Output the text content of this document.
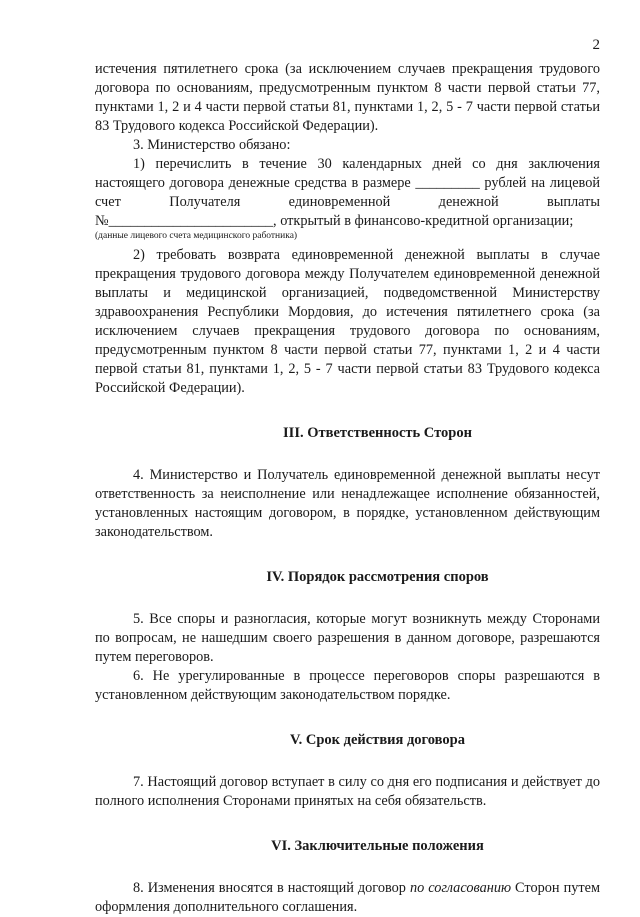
2

истечения пятилетнего срока (за исключением случаев прекращения трудового договора по основаниям, предусмотренным пунктом 8 части первой статьи 77, пунктами 1, 2 и 4 части первой статьи 81, пунктами 1, 2, 5 - 7 части первой статьи 83 Трудового кодекса Российской Федерации).

3. Министерство обязано:

1) перечислить в течение 30 календарных дней со дня заключения настоящего договора денежные средства в размере _________ рублей на лицевой счет Получателя единовременной денежной выплаты №_______________________, открытый в финансово-кредитной организации;

(данные лицевого счета медицинского работника)

2) требовать возврата единовременной денежной выплаты в случае прекращения трудового договора между Получателем единовременной денежной выплаты и медицинской организацией, подведомственной Министерству здравоохранения Республики Мордовия, до истечения пятилетнего срока (за исключением случаев прекращения трудового договора по основаниям, предусмотренным пунктом 8 части первой статьи 77, пунктами 1, 2 и 4 части первой статьи 81, пунктами 1, 2, 5 - 7 части первой статьи 83 Трудового кодекса Российской Федерации).

III. Ответственность Сторон

4. Министерство и Получатель единовременной денежной выплаты несут ответственность за неисполнение или ненадлежащее исполнение обязанностей, установленных настоящим договором, в порядке, установленном действующим законодательством.

IV. Порядок рассмотрения споров

5. Все споры и разногласия, которые могут возникнуть между Сторонами по вопросам, не нашедшим своего разрешения в данном договоре, разрешаются путем переговоров.

6. Не урегулированные в процессе переговоров споры разрешаются в установленном действующим законодательством порядке.

V. Срок действия договора

7. Настоящий договор вступает в силу со дня его подписания и действует до полного исполнения Сторонами принятых на себя обязательств.

VI. Заключительные положения

8. Изменения вносятся в настоящий договор по согласованию Сторон путем оформления дополнительного соглашения.
